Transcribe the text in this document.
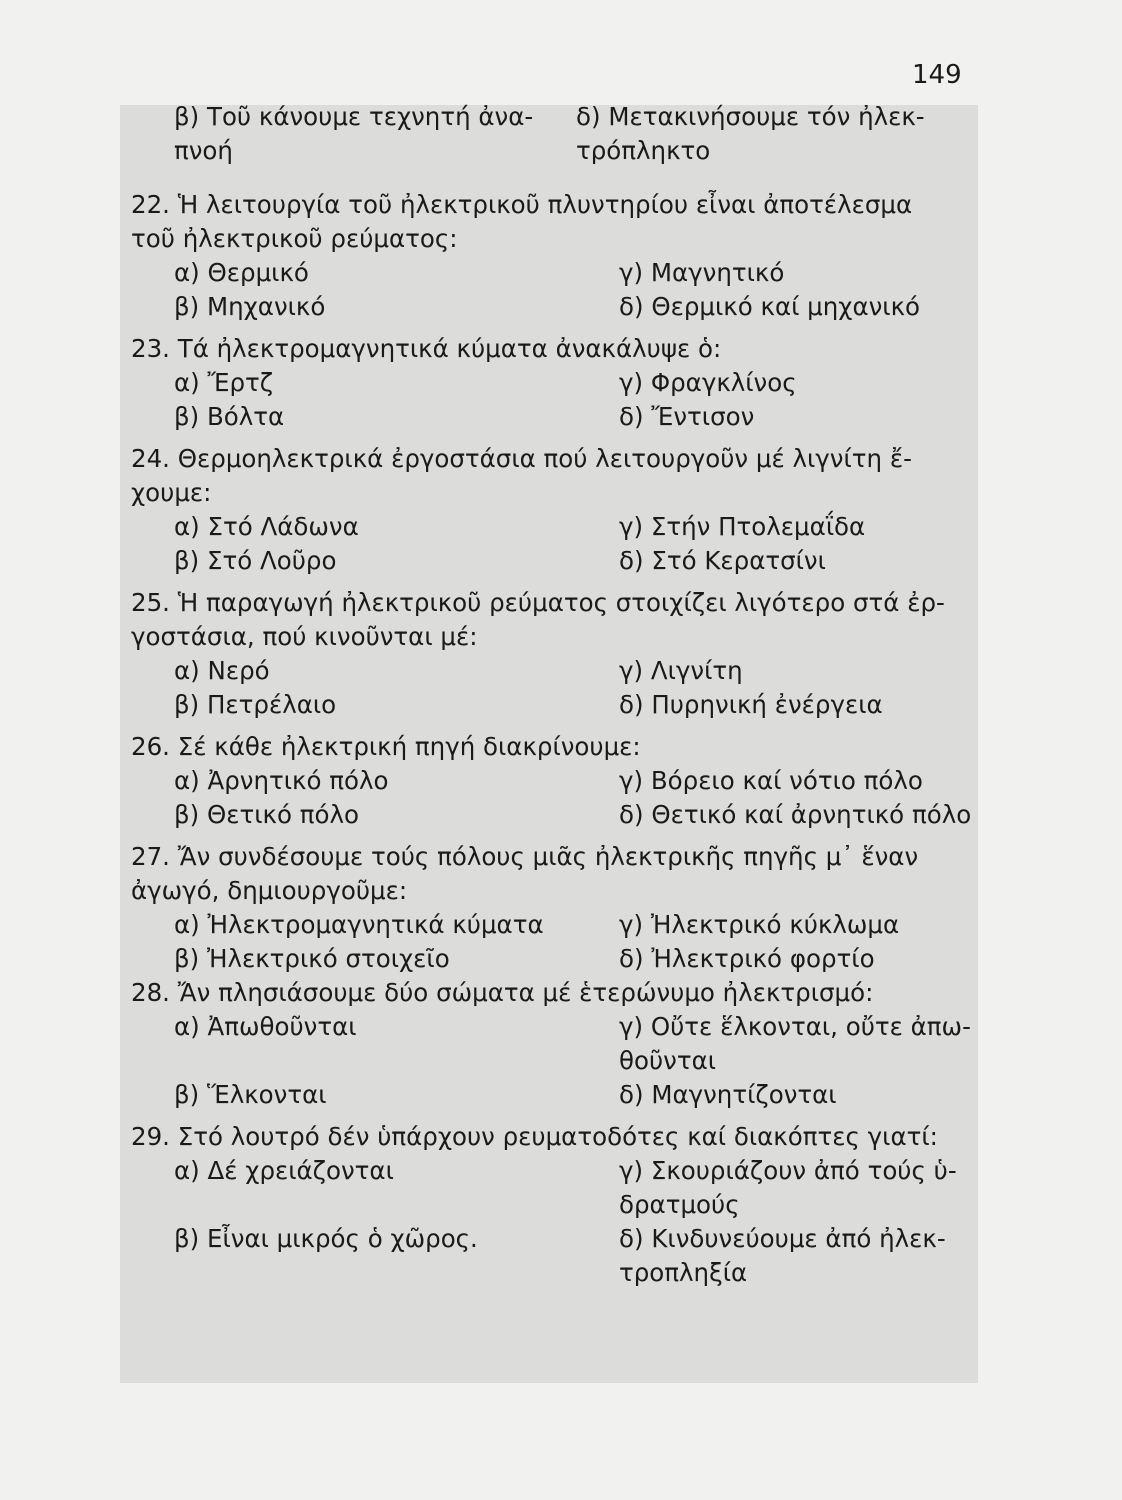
149
β) Τοῦ κάνουμε τεχνητή ἀνα-
πνοή
δ) Μετακινήσουμε τόν ἠλεκ-
τρόπληκτο

22. Ἡ λειτουργία τοῦ ἠλεκτρικοῦ πλυντηρίου εἶναι ἀποτέλεσμα τοῦ ἠλεκτρικοῦ ρεύματος:

α) Θερμικό	γ) Μαγνητικό
β) Μηχανικό	δ) Θερμικό καί μηχανικό

23. Τά ἠλεκτρομαγνητικά κύματα ἀνακάλυψε ὁ:

α) Ἔρτζ	γ) Φραγκλίνος
β) Βόλτα	δ) Ἔντισον

24. Θερμοηλεκτρικά ἐργοστάσια πού λειτουργοῦν μέ λιγνίτη ἔ-χουμε:

α) Στό Λάδωνα	γ) Στήν Πτολεμαΐδα
β) Στό Λοῦρο	δ) Στό Κερατσίνι

25. Ἡ παραγωγή ἠλεκτρικοῦ ρεύματος στοιχίζει λιγότερο στά ἐρ-γοστάσια, πού κινοῦνται μέ:

α) Νερό	γ) Λιγνίτη
β) Πετρέλαιο	δ) Πυρηνική ἐνέργεια

26. Σέ κάθε ἠλεκτρική πηγή διακρίνουμε:

α) Ἀρνητικό πόλο	γ) Βόρειο καί νότιο πόλο
β) Θετικό πόλο	δ) Θετικό καί ἀρνητικό πόλο

27. Ἄν συνδέσουμε τούς πόλους μιᾶς ἠλεκτρικῆς πηγῆς μ᾽ ἕναν ἀγωγό, δημιουργοῦμε:

α) Ἠλεκτρομαγνητικά κύματα	γ) Ἠλεκτρικό κύκλωμα
β) Ἠλεκτρικό στοιχεῖο	δ) Ἠλεκτρικό φορτίο

28. Ἄν πλησιάσουμε δύο σώματα μέ ἑτερώνυμο ἠλεκτρισμό:

α) Ἀπωθοῦνται	γ) Οὔτε ἕλκονται, οὔτε ἀπω-
θοῦνται
β) Ἕλκονται	δ) Μαγνητίζονται

29. Στό λουτρό δέν ὑπάρχουν ρευματοδότες καί διακόπτες γιατί:

α) Δέ χρειάζονται	γ) Σκουριάζουν ἀπό τούς ὑ-
δρατμούς
β) Εἶναι μικρός ὁ χῶρος.	δ) Κινδυνεύουμε ἀπό ἠλεκ-
τροπληξία
